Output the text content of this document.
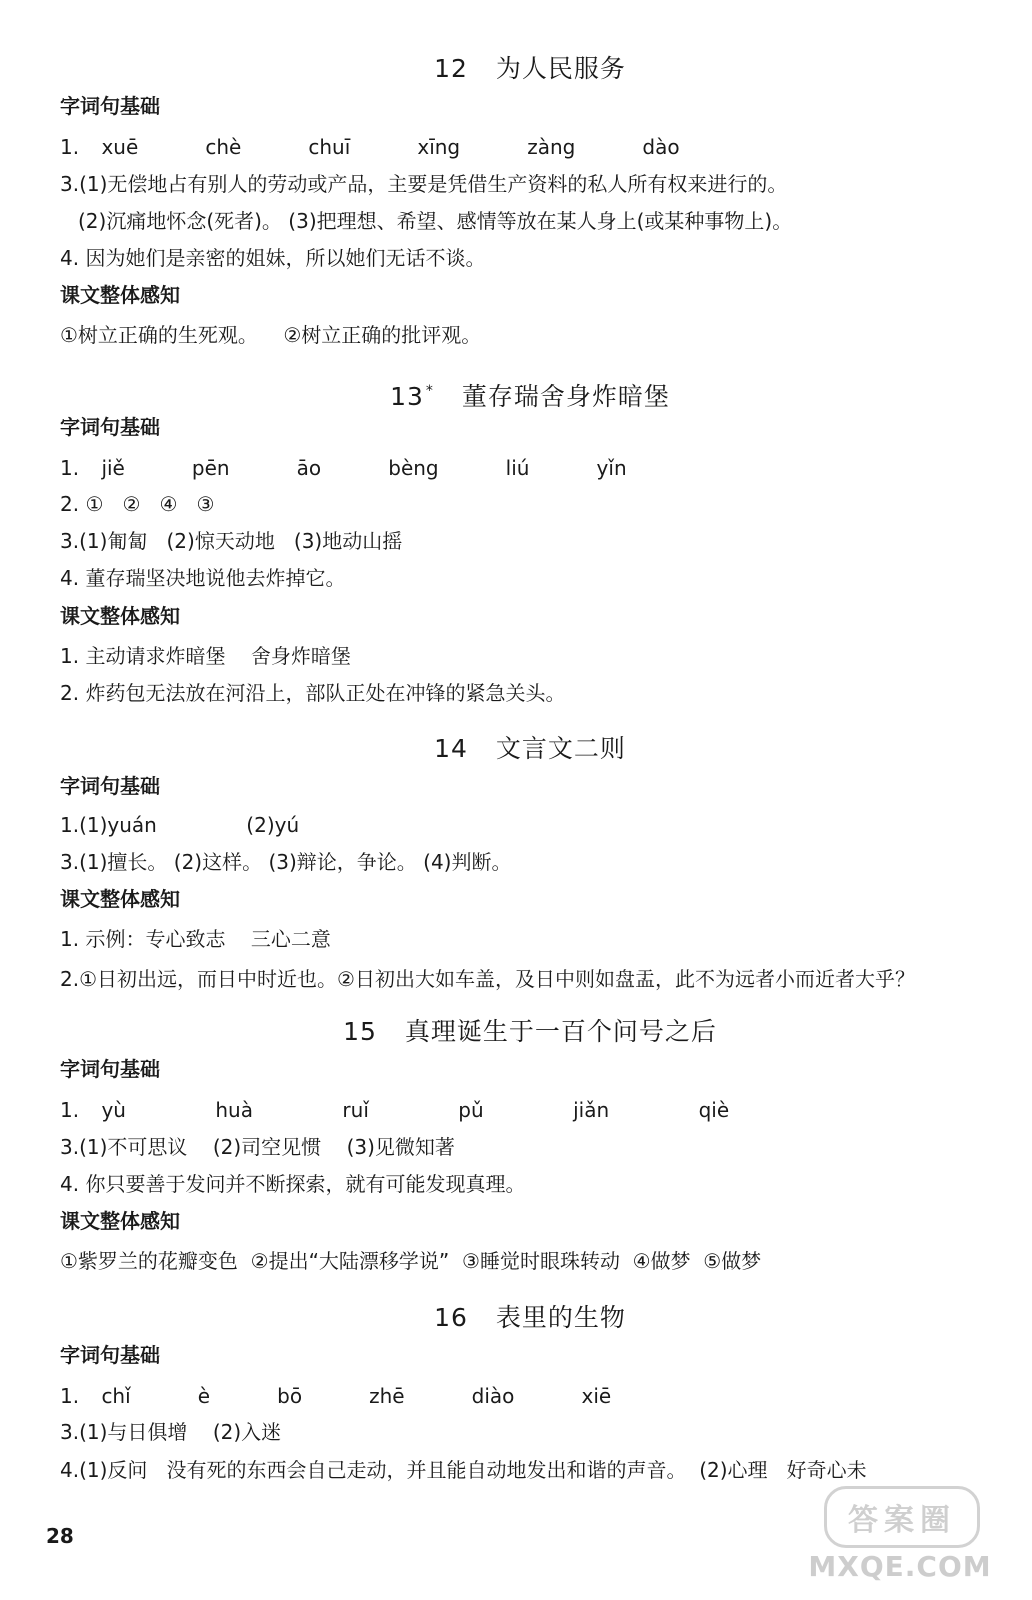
12 为人民服务
字词句基础
1. xuē   chè   chuī   xīng   zàng   dào
3.(1)无偿地占有别人的劳动或产品，主要是凭借生产资料的私人所有权来进行的。
(2)沉痛地怀念(死者)。 (3)把理想、希望、感情等放在某人身上(或某种事物上)。
4. 因为她们是亲密的姐妹，所以她们无话不谈。
课文整体感知
①树立正确的生死观。    ②树立正确的批评观。
13 * 董存瑞舍身炸暗堡
字词句基础
1. jiě   pēn   āo   bèng   liú   yǐn
2. ①   ②   ④   ③
3.(1)匍匐   (2)惊天动地   (3)地动山摇
4. 董存瑞坚决地说他去炸掉它。
课文整体感知
1. 主动请求炸暗堡    舍身炸暗堡
2. 炸药包无法放在河沿上，部队正处在冲锋的紧急关头。
14 文言文二则
字词句基础
1.(1)yuán    (2)yú
3.(1)擅长。 (2)这样。 (3)辩论，争论。 (4)判断。
课文整体感知
1. 示例：专心致志    三心二意
2.①日初出远，而日中时近也。②日初出大如车盖，及日中则如盘盂，此不为远者小而近者大乎？
15 真理诞生于一百个问号之后
字词句基础
1. yù    huà    ruǐ    pǔ    jiǎn    qiè
3.(1)不可思议    (2)司空见惯    (3)见微知著
4. 你只要善于发问并不断探索，就有可能发现真理。
课文整体感知
①紫罗兰的花瓣变色  ②提出“大陆漂移学说”  ③睡觉时眼珠转动  ④做梦  ⑤做梦
16 表里的生物
字词句基础
1. chǐ   è   bō   zhē   diào   xiē
3.(1)与日俱增    (2)入迷
4.(1)反问   没有死的东西会自己走动，并且能自动地发出和谐的声音。  (2)心理   好奇心未
28	答案圈
MXQE.COM
